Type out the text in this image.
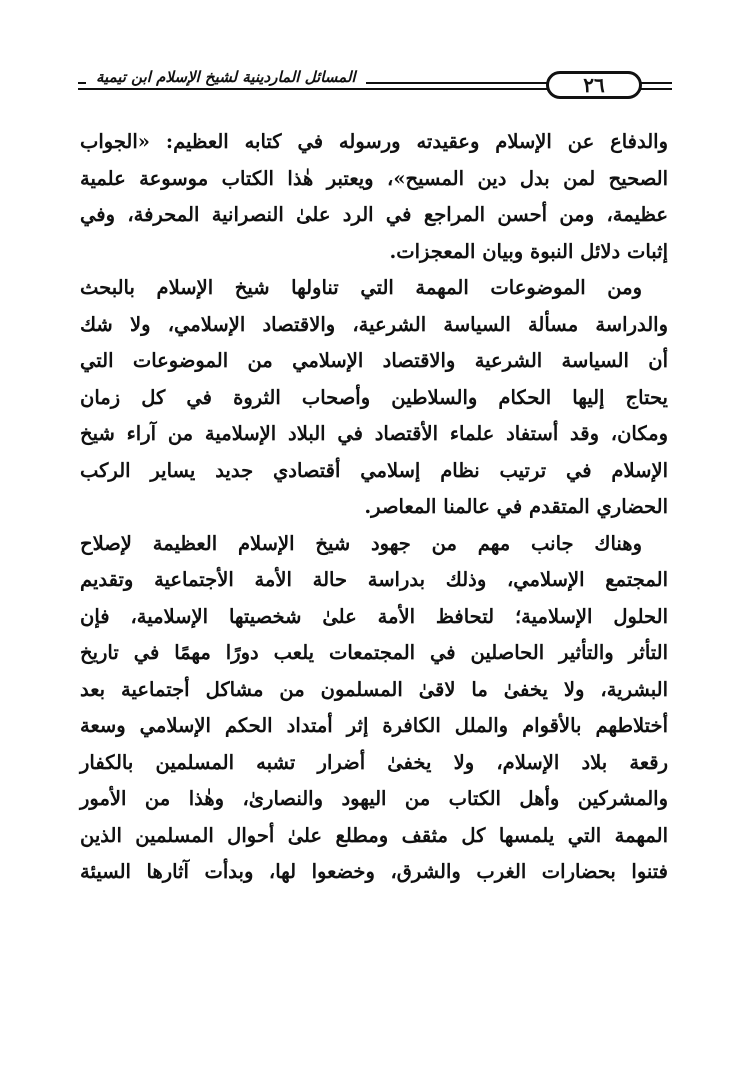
المسائل الماردينية لشيخ الإسلام ابن تيمية	٢٦
والدفاع عن الإسلام وعقيدته ورسوله في كتابه العظيم: «الجواب
الصحيح لمن بدل دين المسيح»، ويعتبر هٰذا الكتاب موسوعة علمية
عظيمة، ومن أحسن المراجع في الرد علىٰ النصرانية المحرفة، وفي
إثبات دلائل النبوة وبيان المعجزات.
ومن الموضوعات المهمة التي تناولها شيخ الإسلام بالبحث
والدراسة مسألة السياسة الشرعية، والاقتصاد الإسلامي، ولا شك
أن السياسة الشرعية والاقتصاد الإسلامي من الموضوعات التي
يحتاج إليها الحكام والسلاطين وأصحاب الثروة في كل زمان
ومكان، وقد أستفاد علماء الأقتصاد في البلاد الإسلامية من آراء شيخ
الإسلام في ترتيب نظام إسلامي أقتصادي جديد يساير الركب
الحضاري المتقدم في عالمنا المعاصر.
وهناك جانب مهم من جهود شيخ الإسلام العظيمة لإصلاح
المجتمع الإسلامي، وذلك بدراسة حالة الأمة الأجتماعية وتقديم
الحلول الإسلامية؛ لتحافظ الأمة علىٰ شخصيتها الإسلامية، فإن
التأثر والتأثير الحاصلين في المجتمعات يلعب دورًا مهمًا في تاريخ
البشرية، ولا يخفىٰ ما لاقىٰ المسلمون من مشاكل أجتماعية بعد
أختلاطهم بالأقوام والملل الكافرة إثر أمتداد الحكم الإسلامي وسعة
رقعة بلاد الإسلام، ولا يخفىٰ أضرار تشبه المسلمين بالكفار
والمشركين وأهل الكتاب من اليهود والنصارىٰ، وهٰذا من الأمور
المهمة التي يلمسها كل مثقف ومطلع علىٰ أحوال المسلمين الذين
فتنوا بحضارات الغرب والشرق، وخضعوا لها، وبدأت آثارها السيئة
